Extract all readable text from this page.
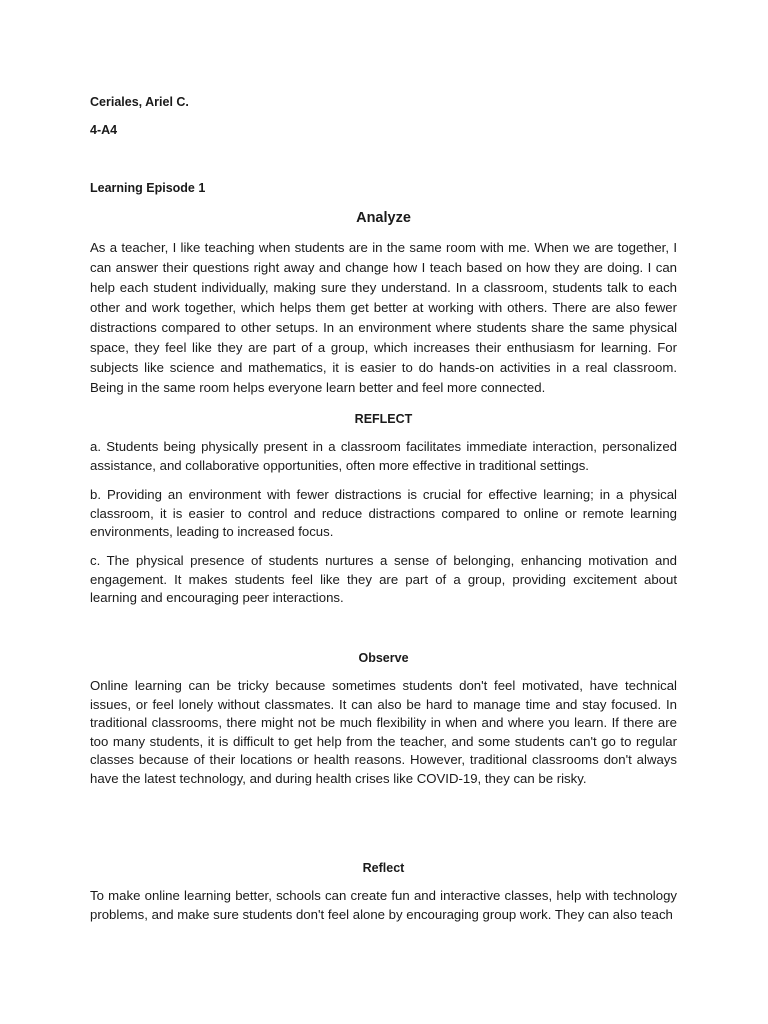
Ceriales, Ariel C.

4-A4

Learning Episode 1

Analyze

As a teacher, I like teaching when students are in the same room with me. When we are together, I can answer their questions right away and change how I teach based on how they are doing. I can help each student individually, making sure they understand. In a classroom, students talk to each other and work together, which helps them get better at working with others. There are also fewer distractions compared to other setups. In an environment where students share the same physical space, they feel like they are part of a group, which increases their enthusiasm for learning. For subjects like science and mathematics, it is easier to do hands-on activities in a real classroom. Being in the same room helps everyone learn better and feel more connected.

REFLECT

a. Students being physically present in a classroom facilitates immediate interaction, personalized assistance, and collaborative opportunities, often more effective in traditional settings.

b. Providing an environment with fewer distractions is crucial for effective learning; in a physical classroom, it is easier to control and reduce distractions compared to online or remote learning environments, leading to increased focus.

c. The physical presence of students nurtures a sense of belonging, enhancing motivation and engagement. It makes students feel like they are part of a group, providing excitement about learning and encouraging peer interactions.

Observe

Online learning can be tricky because sometimes students don't feel motivated, have technical issues, or feel lonely without classmates. It can also be hard to manage time and stay focused. In traditional classrooms, there might not be much flexibility in when and where you learn. If there are too many students, it is difficult to get help from the teacher, and some students can't go to regular classes because of their locations or health reasons. However, traditional classrooms don't always have the latest technology, and during health crises like COVID-19, they can be risky.

Reflect

To make online learning better, schools can create fun and interactive classes, help with technology problems, and make sure students don't feel alone by encouraging group work. They can also teach
